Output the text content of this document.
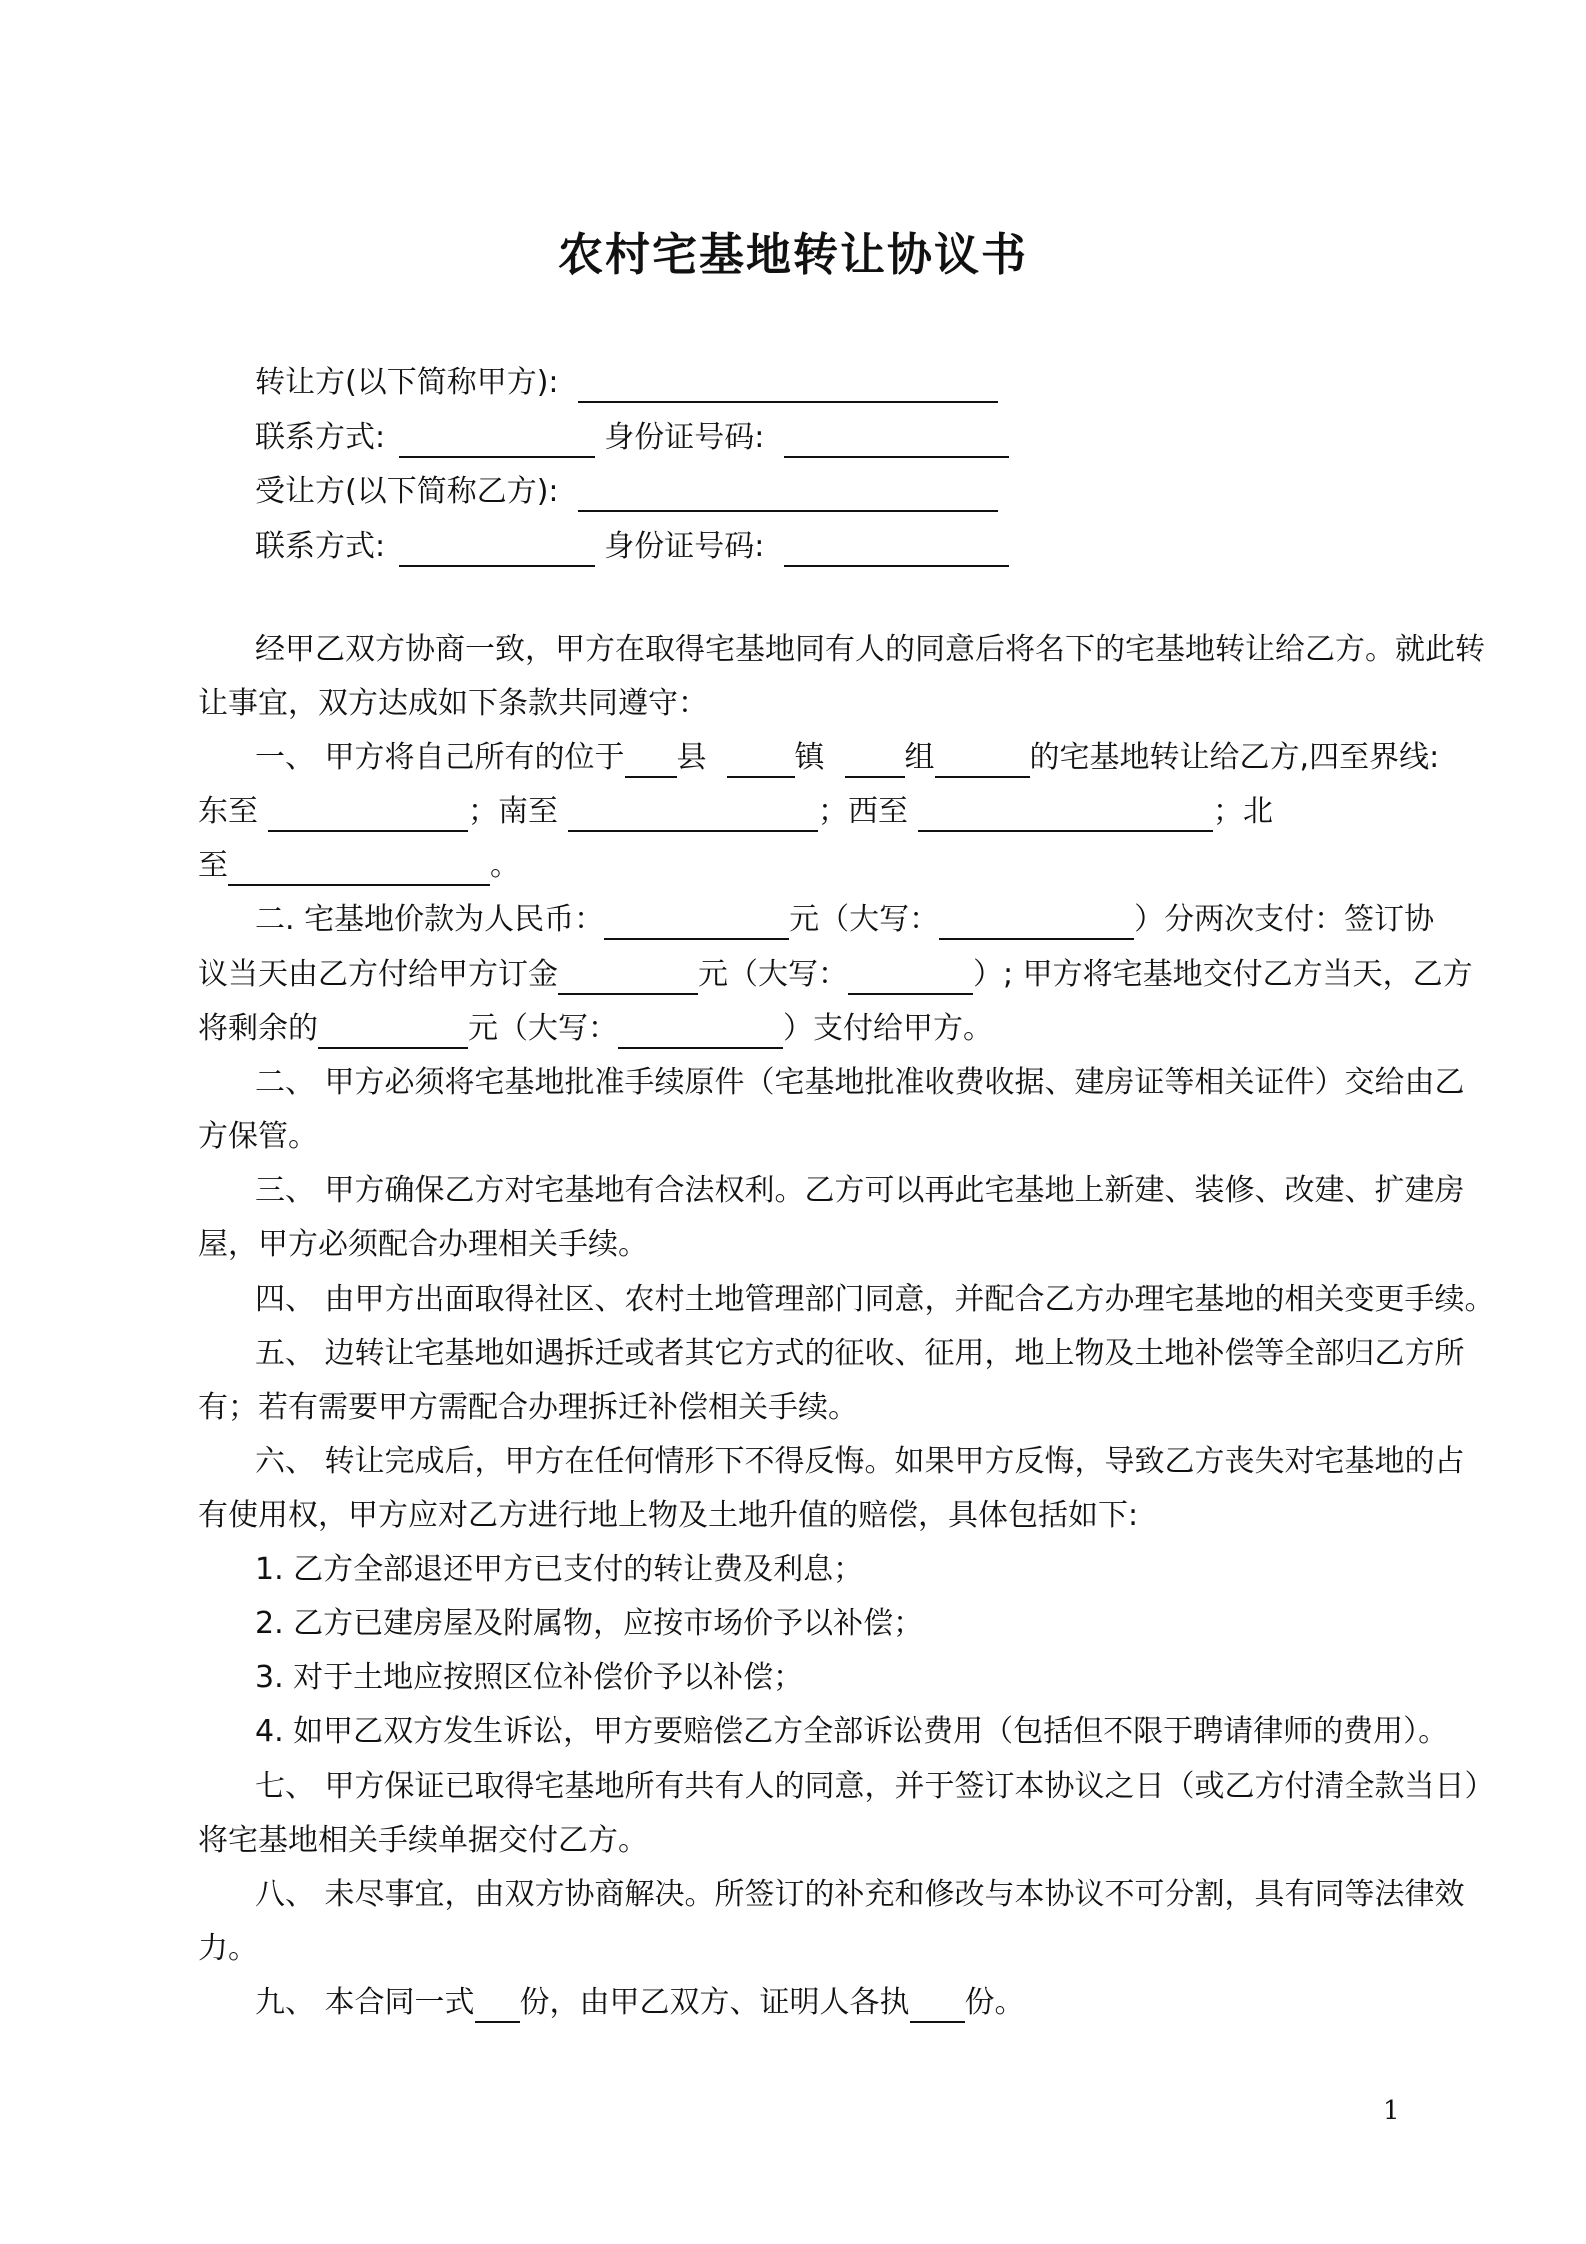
农村宅基地转让协议书
转让方(以下简称甲方):
联系方式:	身份证号码:
受让方(以下简称乙方):
联系方式:	身份证号码:
经甲乙双方协商一致，甲方在取得宅基地同有人的同意后将名下的宅基地转让给乙方。就此转
让事宜，双方达成如下条款共同遵守：
一、 甲方将自己所有的位于 县	镇	组	的宅基地转让给乙方,四至界线:
东至	；南至	；西至	；北
至	。
二. 宅基地价款为人民币：	元（大写：	）分两次支付：签订协
议当天由乙方付给甲方订金	元（大写：	）; 甲方将宅基地交付乙方当天，乙方
将剩余的	元（大写：	）支付给甲方。
二、 甲方必须将宅基地批准手续原件（宅基地批准收费收据、建房证等相关证件）交给由乙
方保管。
三、 甲方确保乙方对宅基地有合法权利。乙方可以再此宅基地上新建、装修、改建、扩建房
屋，甲方必须配合办理相关手续。
四、 由甲方出面取得社区、农村土地管理部门同意，并配合乙方办理宅基地的相关变更手续。
五、 边转让宅基地如遇拆迁或者其它方式的征收、征用，地上物及土地补偿等全部归乙方所
有；若有需要甲方需配合办理拆迁补偿相关手续。
六、 转让完成后，甲方在任何情形下不得反悔。如果甲方反悔，导致乙方丧失对宅基地的占
有使用权，甲方应对乙方进行地上物及土地升值的赔偿，具体包括如下:
1. 乙方全部退还甲方已支付的转让费及利息；
2. 乙方已建房屋及附属物，应按市场价予以补偿；
3. 对于土地应按照区位补偿价予以补偿；
4. 如甲乙双方发生诉讼，甲方要赔偿乙方全部诉讼费用（包括但不限于聘请律师的费用）。
七、 甲方保证已取得宅基地所有共有人的同意，并于签订本协议之日（或乙方付清全款当日）
将宅基地相关手续单据交付乙方。
八、 未尽事宜，由双方协商解决。所签订的补充和修改与本协议不可分割，具有同等法律效
力。
九、 本合同一式 份，由甲乙双方、证明人各执 份。
1
